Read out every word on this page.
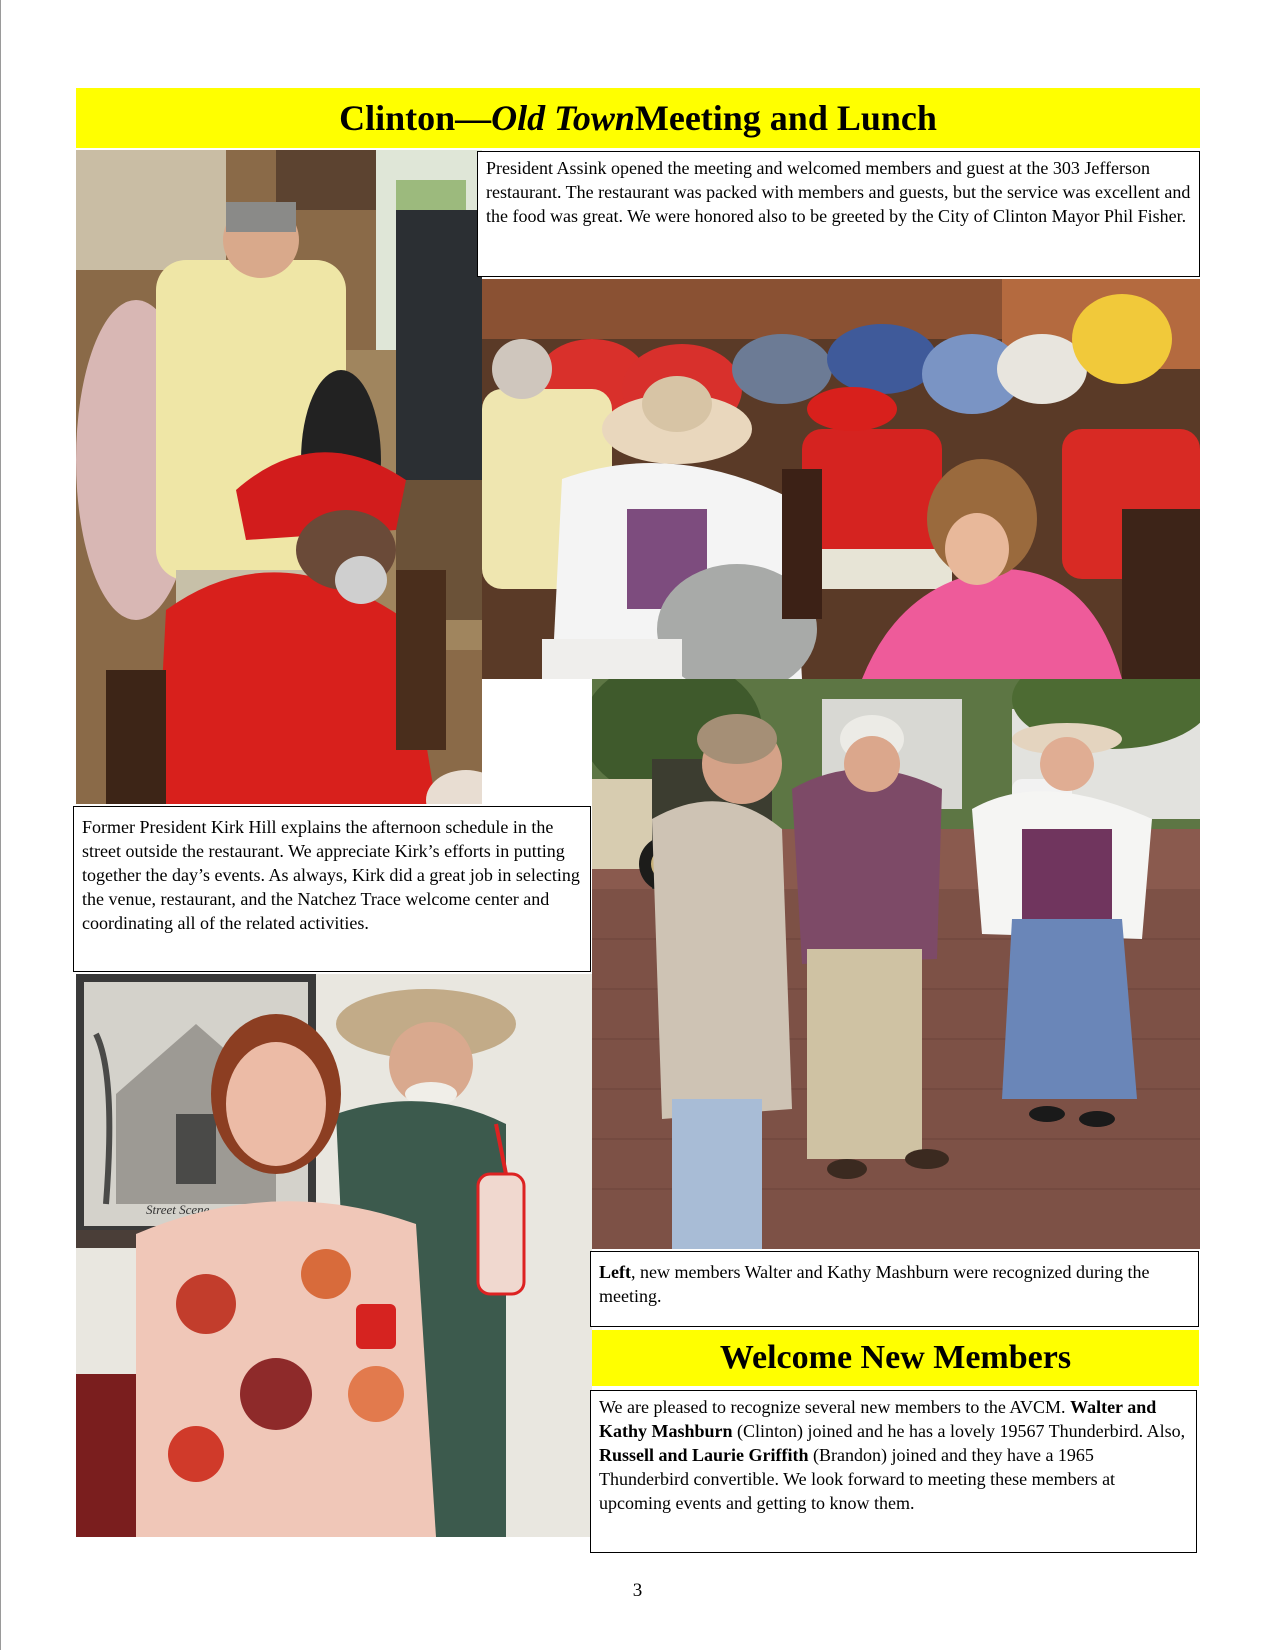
Clinton— Old Town Meeting and Lunch
President Assink opened the meeting and welcomed members and guest at the 303 Jefferson restaurant. The restaurant was packed with members and guests, but the service was excellent and the food was great. We were honored also to be greeted by the City of Clinton Mayor Phil Fisher.
Former President Kirk Hill explains the afternoon schedule in the street outside the restaurant. We appreciate Kirk’s efforts in putting together the day’s events. As always, Kirk did a great job in selecting the venue, restaurant, and the Natchez Trace welcome center and coordinating all of the related activities.
Street Scene
Left, new members Walter and Kathy Mashburn were recognized during the meeting.
Welcome New Members
We are pleased to recognize several new members to the AVCM. Walter and Kathy Mashburn (Clinton) joined and he has a lovely 19567 Thunderbird. Also, Russell and Laurie Griffith (Brandon) joined and they have a 1965 Thunderbird convertible. We look forward to meeting these members at upcoming events and getting to know them.
3
